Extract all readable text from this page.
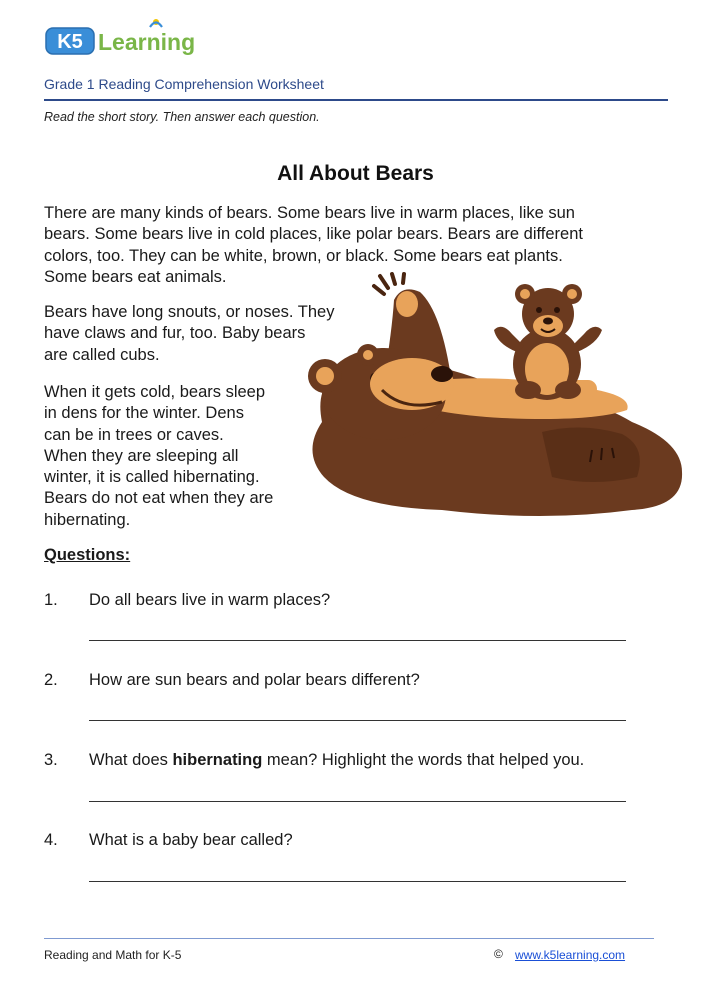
K5 Learning
Grade 1 Reading Comprehension Worksheet
Read the short story. Then answer each question.
All About Bears
There are many kinds of bears. Some bears live in warm places, like sun
bears. Some bears live in cold places, like polar bears. Bears are different
colors, too. They can be white, brown, or black. Some bears eat plants.
Some bears eat animals.
Bears have long snouts, or noses. They
have claws and fur, too. Baby bears
are called cubs.
When it gets cold, bears sleep
in dens for the winter. Dens
can be in trees or caves.
When they are sleeping all
winter, it is called hibernating.
Bears do not eat when they are
hibernating.
Questions:
1. Do all bears live in warm places?
2. How are sun bears and polar bears different?
3. What does hibernating mean? Highlight the words that helped you.
4. What is a baby bear called?
Reading and Math for K-5	© www.k5learning.com
